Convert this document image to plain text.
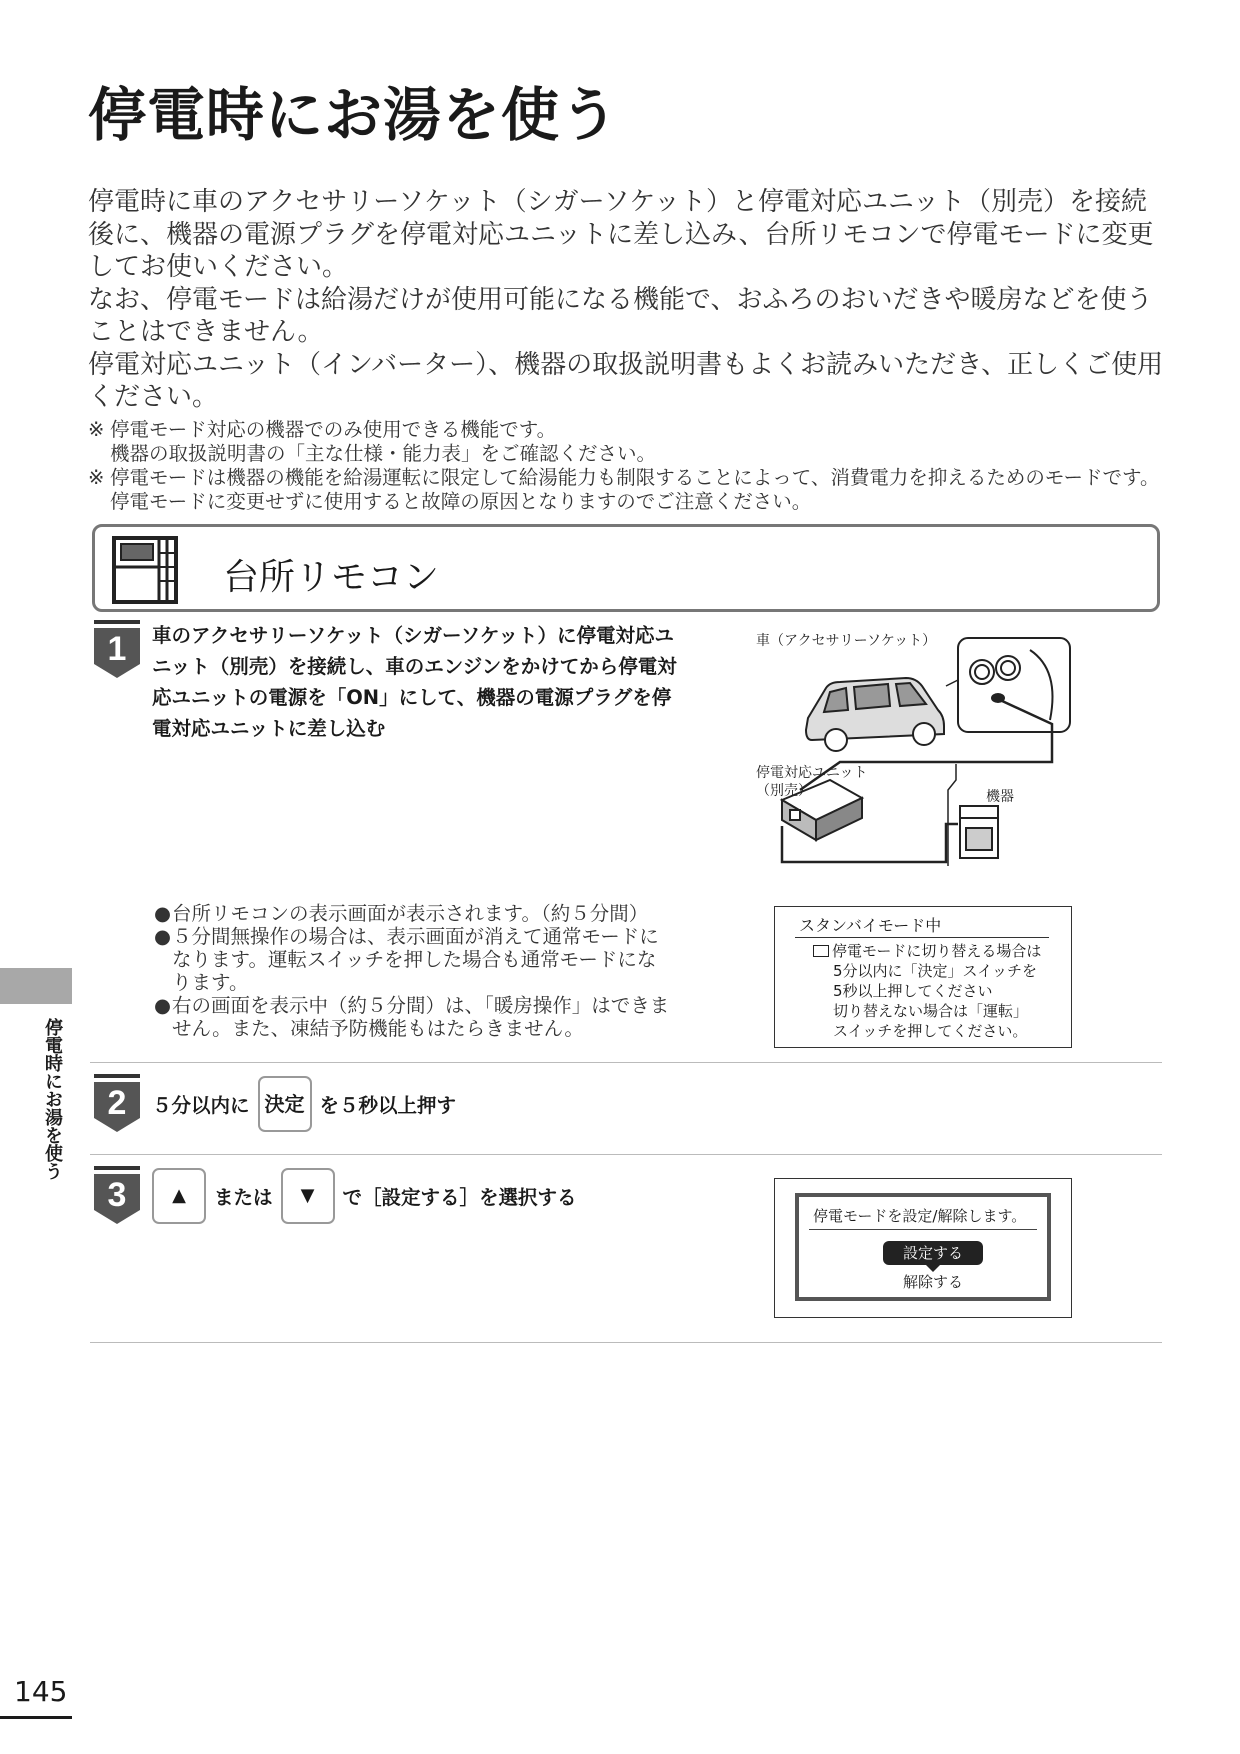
停電時にお湯を使う

停電時に車のアクセサリーソケット（シガーソケット）と停電対応ユニット（別売）を接続後に、機器の電源プラグを停電対応ユニットに差し込み、台所リモコンで停電モードに変更してお使いください。

なお、停電モードは給湯だけが使用可能になる機能で、おふろのおいだきや暖房などを使うことはできません。

停電対応ユニット（インバーター）、機器の取扱説明書もよくお読みいただき、正しくご使用ください。

※ 停電モード対応の機器でのみ使用できる機能です。
機器の取扱説明書の「主な仕様・能力表」をご確認ください。
※ 停電モードは機器の機能を給湯運転に限定して給湯能力も制限することによって、消費電力を抑えるためのモードです。停電モードに変更せずに使用すると故障の原因となりますのでご注意ください。
台所リモコン
1 車のアクセサリーソケット（シガーソケット）に停電対応ユニット（別売）を接続し、車のエンジンをかけてから停電対応ユニットの電源を「ON」にして、機器の電源プラグを停電対応ユニットに差し込む
車（アクセサリーソケット）
停電対応ユニット
（別売）	機器
● 台所リモコンの表示画面が表示されます。（約５分間）
● ５分間無操作の場合は、表示画面が消えて通常モードになります。運転スイッチを押した場合も通常モードになります。
● 右の画面を表示中（約５分間）は、「暖房操作」はできません。また、凍結予防機能もはたらきません。
スタンバイモード中
停電モードに切り替える場合は
5分以内に「決定」スイッチを
5秒以上押してください
切り替えない場合は「運転」
スイッチを押してください。
2 ５分以内に 決定 を５秒以上押す
3	▲	または	▼	で［設定する］を選択する
停電モードを設定/解除します。
設定する
解除する
停電時にお湯を使う
145
